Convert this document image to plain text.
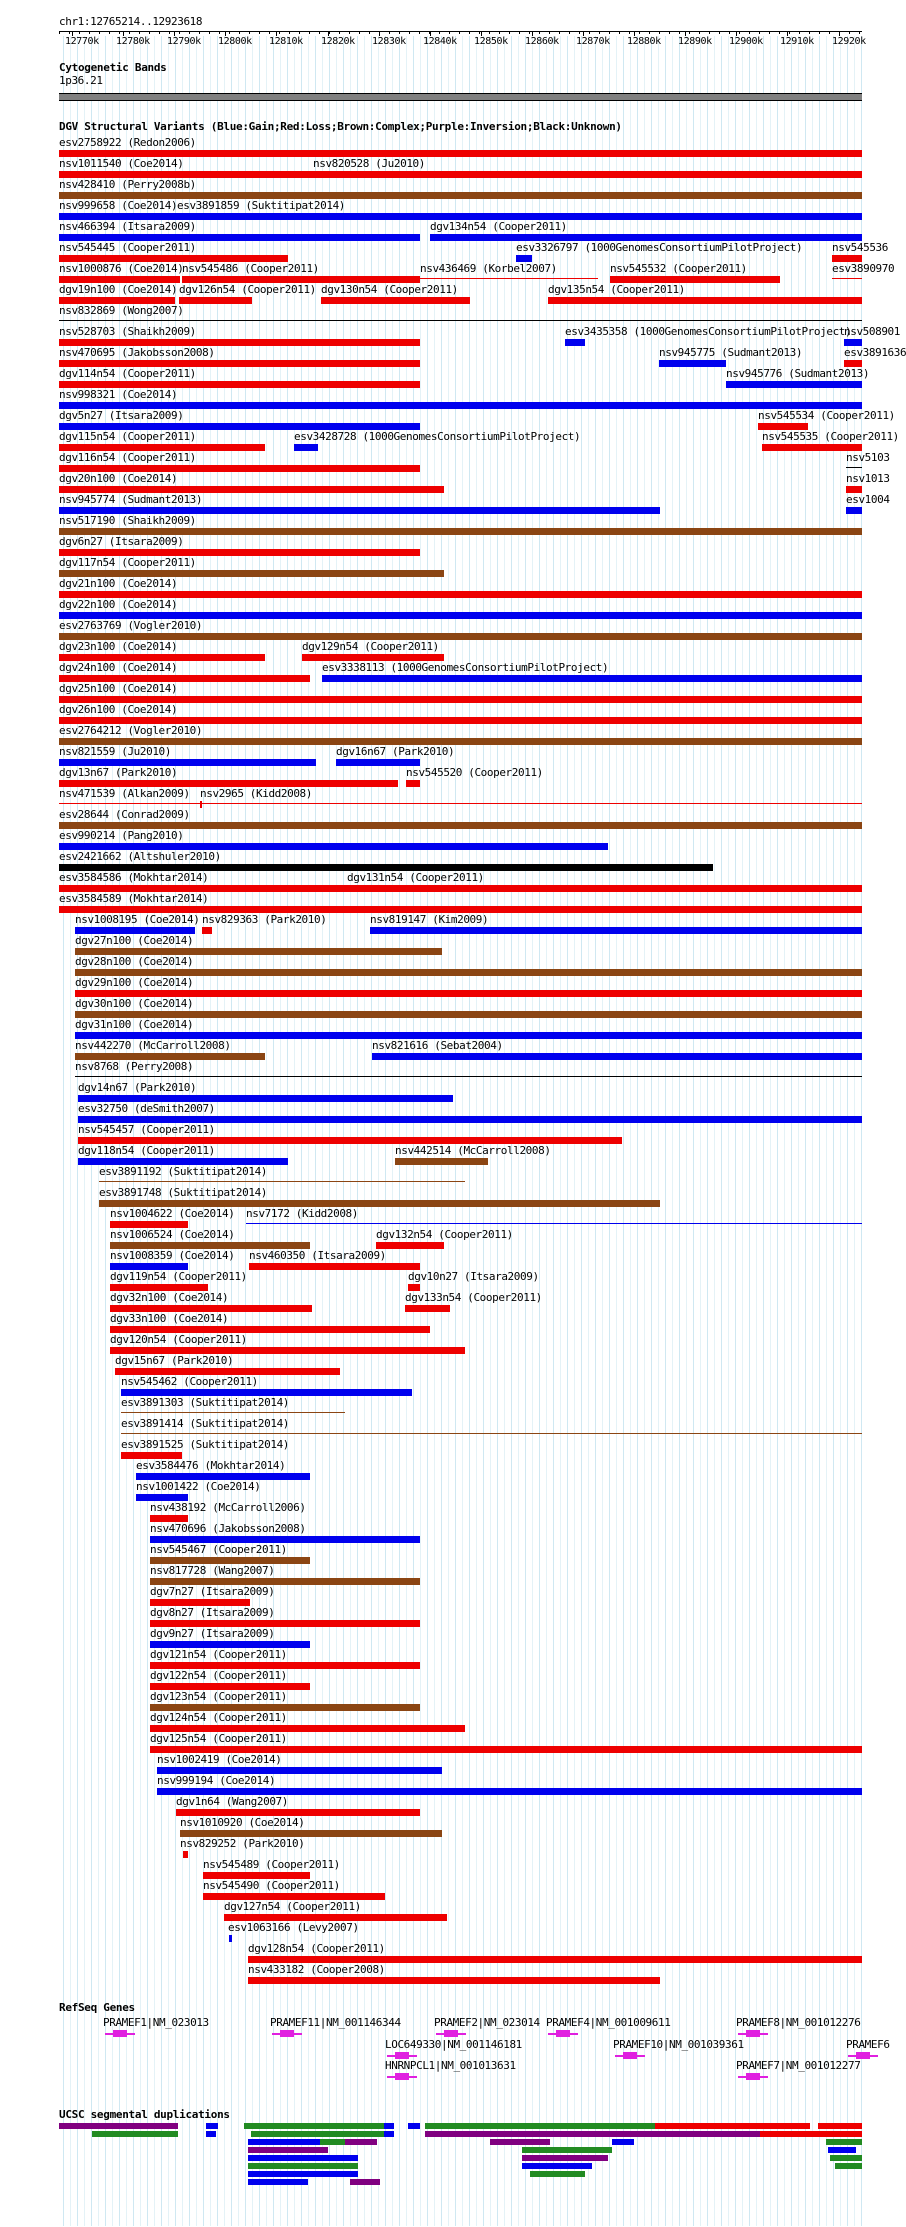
chr1:12765214..12923618
12770k 12780k 12790k 12800k 12810k 12820k 12830k 12840k 12850k 12860k 12870k 12880k 12890k 12900k 12910k 12920k
Cytogenetic Bands
1p36.21
DGV Structural Variants (Blue:Gain;Red:Loss;Brown:Complex;Purple:Inversion;Black:Unknown)
esv2758922 (Redon2006)
nsv1011540 (Coe2014)	nsv820528 (Ju2010)
nsv428410 (Perry2008b)
nsv999658 (Coe2014) esv3891859 (Suktitipat2014)
nsv466394 (Itsara2009)	dgv134n54 (Cooper2011)
nsv545445 (Cooper2011)	esv3326797 (1000GenomesConsortiumPilotProject)	nsv545536
nsv1000876 (Coe2014)
nsv545486 (Cooper2011)	nsv436469 (Korbel2007)	nsv545532 (Cooper2011)	esv3890970
dgv19n100 (Coe2014) dgv126n54 (Cooper2011) dgv130n54 (Cooper2011)	dgv135n54 (Cooper2011)
nsv832869 (Wong2007)
nsv528703 (Shaikh2009)	esv3435358 (1000GenomesConsortiumPilotProject)
nsv508901
nsv470695 (Jakobsson2008)	nsv945775 (Sudmant2013)	esv3891636
dgv114n54 (Cooper2011)	nsv945776 (Sudmant2013)
nsv998321 (Coe2014)
dgv5n27 (Itsara2009)	nsv545534 (Cooper2011)
dgv115n54 (Cooper2011)	esv3428728 (1000GenomesConsortiumPilotProject)	nsv545535 (Cooper2011)
dgv116n54 (Cooper2011)	nsv5103
dgv20n100 (Coe2014)	nsv1013
nsv945774 (Sudmant2013)	esv1004
nsv517190 (Shaikh2009)
dgv6n27 (Itsara2009)
dgv117n54 (Cooper2011)
dgv21n100 (Coe2014)
dgv22n100 (Coe2014)
esv2763769 (Vogler2010)
dgv23n100 (Coe2014)	dgv129n54 (Cooper2011)
dgv24n100 (Coe2014)	esv3338113 (1000GenomesConsortiumPilotProject)
dgv25n100 (Coe2014)
dgv26n100 (Coe2014)
esv2764212 (Vogler2010)
nsv821559 (Ju2010)	dgv16n67 (Park2010)
dgv13n67 (Park2010)	nsv545520 (Cooper2011)
nsv471539 (Alkan2009) nsv2965 (Kidd2008)
esv28644 (Conrad2009)
esv990214 (Pang2010)
esv2421662 (Altshuler2010)
esv3584586 (Mokhtar2014)	dgv131n54 (Cooper2011)
esv3584589 (Mokhtar2014)
nsv1008195 (Coe2014) nsv829363 (Park2010)	nsv819147 (Kim2009)
dgv27n100 (Coe2014)
dgv28n100 (Coe2014)
dgv29n100 (Coe2014)
dgv30n100 (Coe2014)
dgv31n100 (Coe2014)
nsv442270 (McCarroll2008)	nsv821616 (Sebat2004)
nsv8768 (Perry2008)
dgv14n67 (Park2010)
esv32750 (deSmith2007)
nsv545457 (Cooper2011)
dgv118n54 (Cooper2011)	nsv442514 (McCarroll2008)
esv3891192 (Suktitipat2014)
esv3891748 (Suktitipat2014)
nsv1004622 (Coe2014) nsv7172 (Kidd2008)
nsv1006524 (Coe2014)	dgv132n54 (Cooper2011)
nsv1008359 (Coe2014) nsv460350 (Itsara2009)
dgv119n54 (Cooper2011)	dgv10n27 (Itsara2009)
dgv32n100 (Coe2014)	dgv133n54 (Cooper2011)
dgv33n100 (Coe2014)
dgv120n54 (Cooper2011)
dgv15n67 (Park2010)
nsv545462 (Cooper2011)
esv3891303 (Suktitipat2014)
esv3891414 (Suktitipat2014)
esv3891525 (Suktitipat2014)
esv3584476 (Mokhtar2014)
nsv1001422 (Coe2014)
nsv438192 (McCarroll2006)
nsv470696 (Jakobsson2008)
nsv545467 (Cooper2011)
nsv817728 (Wang2007)
dgv7n27 (Itsara2009)
dgv8n27 (Itsara2009)
dgv9n27 (Itsara2009)
dgv121n54 (Cooper2011)
dgv122n54 (Cooper2011)
dgv123n54 (Cooper2011)
dgv124n54 (Cooper2011)
dgv125n54 (Cooper2011)
nsv1002419 (Coe2014)
nsv999194 (Coe2014)
dgv1n64 (Wang2007)
nsv1010920 (Coe2014)
nsv829252 (Park2010)
nsv545489 (Cooper2011)
nsv545490 (Cooper2011)
dgv127n54 (Cooper2011)
esv1063166 (Levy2007)
dgv128n54 (Cooper2011)
nsv433182 (Cooper2008)
RefSeq Genes
PRAMEF1|NM_023013	PRAMEF11|NM_001146344	PRAMEF2|NM_023014 PRAMEF4|NM_001009611	PRAMEF8|NM_001012276
LOC649330|NM_001146181	PRAMEF10|NM_001039361	PRAMEF6
HNRNPCL1|NM_001013631	PRAMEF7|NM_001012277
UCSC segmental duplications
